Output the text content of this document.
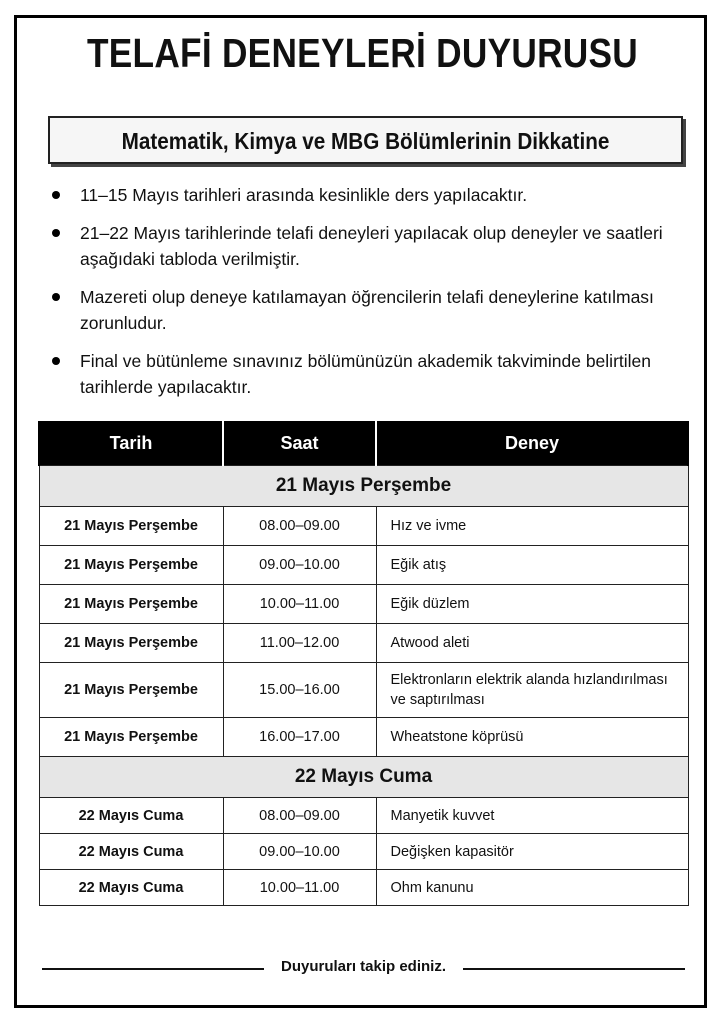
TELAFİ DENEYLERİ DUYURUSU
Matematik, Kimya ve MBG Bölümlerinin Dikkatine
11–15 Mayıs tarihleri arasında kesinlikle ders yapılacaktır.
21–22 Mayıs tarihlerinde telafi deneyleri yapılacak olup deneyler ve saatleri aşağıdaki tabloda verilmiştir.
Mazereti olup deneye katılamayan öğrencilerin telafi deneylerine katılması zorunludur.
Final ve bütünleme sınavınız bölümünüzün akademik takviminde belirtilen tarihlerde yapılacaktır.
Tarih	Saat	Deney
21 Mayıs Perşembe		
21 Mayıs Perşembe	08.00–09.00	Hız ve ivme
21 Mayıs Perşembe	09.00–10.00	Eğik atış
21 Mayıs Perşembe	10.00–11.00	Eğik düzlem
21 Mayıs Perşembe	11.00–12.00	Atwood aleti
21 Mayıs Perşembe	15.00–16.00	Elektronların elektrik alanda hızlandırılması ve saptırılması
21 Mayıs Perşembe	16.00–17.00	Wheatstone köprüsü
22 Mayıs Cuma		
22 Mayıs Cuma	08.00–09.00	Manyetik kuvvet
22 Mayıs Cuma	09.00–10.00	Değişken kapasitör
22 Mayıs Cuma	10.00–11.00	Ohm kanunu
Duyuruları takip ediniz.
